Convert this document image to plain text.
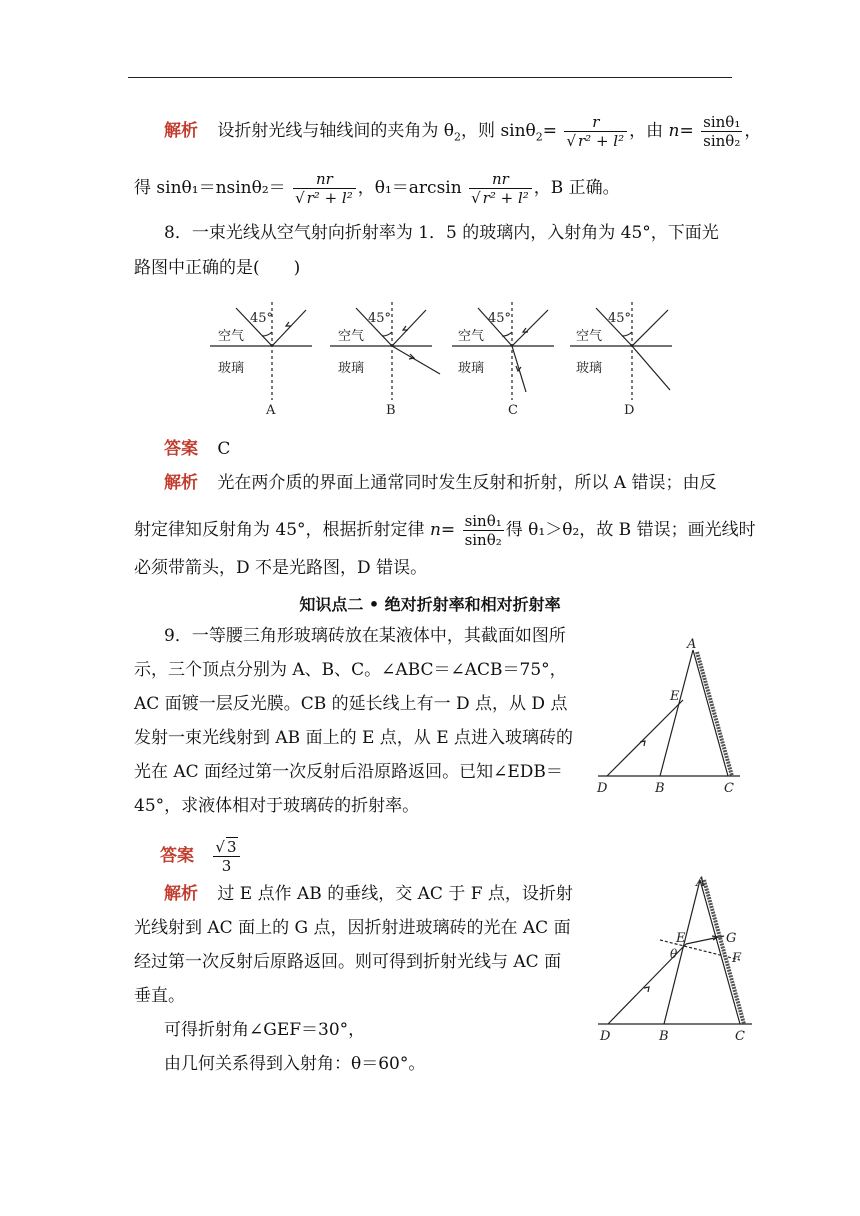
解析 设折射光线与轴线间的夹角为 $\theta_2$，则 $\sin\theta_2= \frac{r}{\text{√ r² + l²}}$ ，由 $n= \frac{\text{sinθ₁}}{\text{sinθ₂}}$ ，
得 $\sin\theta_1=nsin\theta_2= \frac{nr}{\text{√ r² + l²}}$ ，$\theta_1=\arcsin \frac{nr}{\text{√ r² + l²}}$ ，B 正确。
8．一束光线从空气射向折射率为 1．5 的玻璃内，入射角为 45°，下面光
路图中正确的是(　　)
45°
空气
玻璃
A
45°
空气
玻璃
B
45°
空气
玻璃
C
45°
空气
玻璃
D
答案 C
解析 光在两介质的界面上通常同时发生反射和折射，所以 A 错误；由反
射定律知反射角为 45°，根据折射定律 $n= \frac{\text{sinθ₁}}{\text{sinθ₂}}$ 得 θ₁＞θ₂，故 B 错误；画光线时
必须带箭头，D 不是光路图，D 错误。
知识点二 • 绝对折射率和相对折射率
9．一等腰三角形玻璃砖放在某液体中，其截面如图所
示，三个顶点分别为 A、B、C。∠ABC＝∠ACB＝75°，
AC 面镀一层反光膜。CB 的延长线上有一 D 点，从 D 点
发射一束光线射到 AB 面上的 E 点，从 E 点进入玻璃砖的
光在 AC 面经过第一次反射后沿原路返回。已知∠EDB＝
45°，求液体相对于玻璃砖的折射率。
A
E
D	B	C
答案 $\frac{√ 3}{3}$
解析 过 E 点作 AB 的垂线，交 AC 于 F 点，设折射
光线射到 AC 面上的 G 点，因折射进玻璃砖的光在 AC 面
经过第一次反射后原路返回。则可得到折射光线与 AC 面
垂直。
可得折射角∠GEF＝30°，
由几何关系得到入射角：θ＝60°。
A
E
θ
G
F
D	B	C
